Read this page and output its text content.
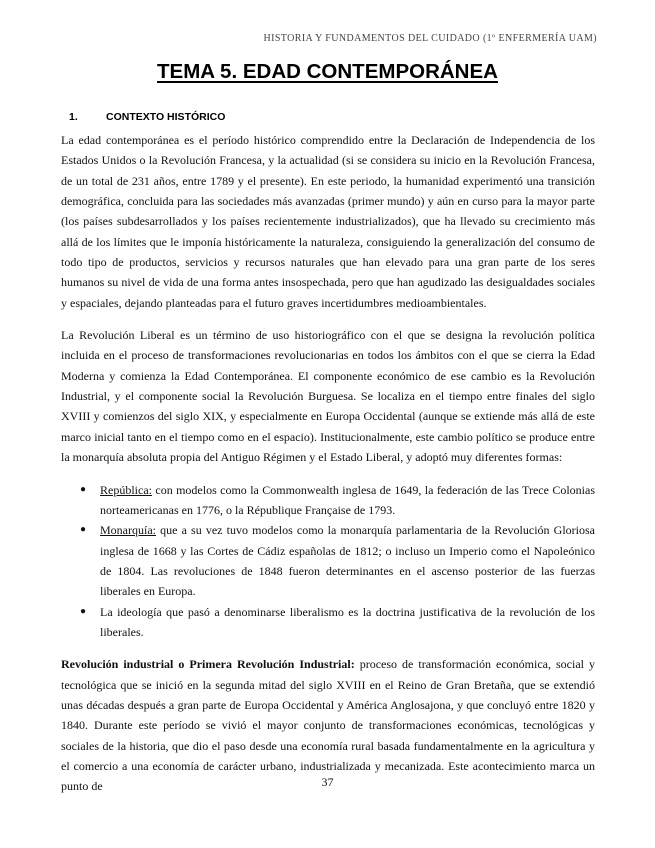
HISTORIA Y FUNDAMENTOS DEL CUIDADO (1º ENFERMERÍA UAM)
TEMA 5. EDAD CONTEMPORÁNEA
1.	CONTEXTO HISTÓRICO

La edad contemporánea es el período histórico comprendido entre la Declaración de Independencia de los Estados Unidos o la Revolución Francesa, y la actualidad (si se considera su inicio en la Revolución Francesa, de un total de 231 años, entre 1789 y el presente). En este periodo, la humanidad experimentó una transición demográfica, concluida para las sociedades más avanzadas (primer mundo) y aún en curso para la mayor parte (los países subdesarrollados y los países recientemente industrializados), que ha llevado su crecimiento más allá de los límites que le imponía históricamente la naturaleza, consiguiendo la generalización del consumo de todo tipo de productos, servicios y recursos naturales que han elevado para una gran parte de los seres humanos su nivel de vida de una forma antes insospechada, pero que han agudizado las desigualdades sociales y espaciales, dejando planteadas para el futuro graves incertidumbres medioambientales.

La Revolución Liberal es un término de uso historiográfico con el que se designa la revolución política incluida en el proceso de transformaciones revolucionarias en todos los ámbitos con el que se cierra la Edad Moderna y comienza la Edad Contemporánea. El componente económico de ese cambio es la Revolución Industrial, y el componente social la Revolución Burguesa. Se localiza en el tiempo entre finales del siglo XVIII y comienzos del siglo XIX, y especialmente en Europa Occidental (aunque se extiende más allá de este marco inicial tanto en el tiempo como en el espacio). Institucionalmente, este cambio político se produce entre la monarquía absoluta propia del Antiguo Régimen y el Estado Liberal, y adoptó muy diferentes formas:

● República: con modelos como la Commonwealth inglesa de 1649, la federación de las Trece Colonias norteamericanas en 1776, o la République Française de 1793.
● Monarquía: que a su vez tuvo modelos como la monarquía parlamentaria de la Revolución Gloriosa inglesa de 1668 y las Cortes de Cádiz españolas de 1812; o incluso un Imperio como el Napoleónico de 1804. Las revoluciones de 1848 fueron determinantes en el ascenso posterior de las fuerzas liberales en Europa.
● La ideología que pasó a denominarse liberalismo es la doctrina justificativa de la revolución de los liberales.

Revolución industrial o Primera Revolución Industrial: proceso de transformación económica, social y tecnológica que se inició en la segunda mitad del siglo XVIII en el Reino de Gran Bretaña, que se extendió unas décadas después a gran parte de Europa Occidental y América Anglosajona, y que concluyó entre 1820 y 1840. Durante este período se vivió el mayor conjunto de transformaciones económicas, tecnológicas y sociales de la historia, que dio el paso desde una economía rural basada fundamentalmente en la agricultura y el comercio a una economía de carácter urbano, industrializada y mecanizada. Este acontecimiento marca un punto de	37
